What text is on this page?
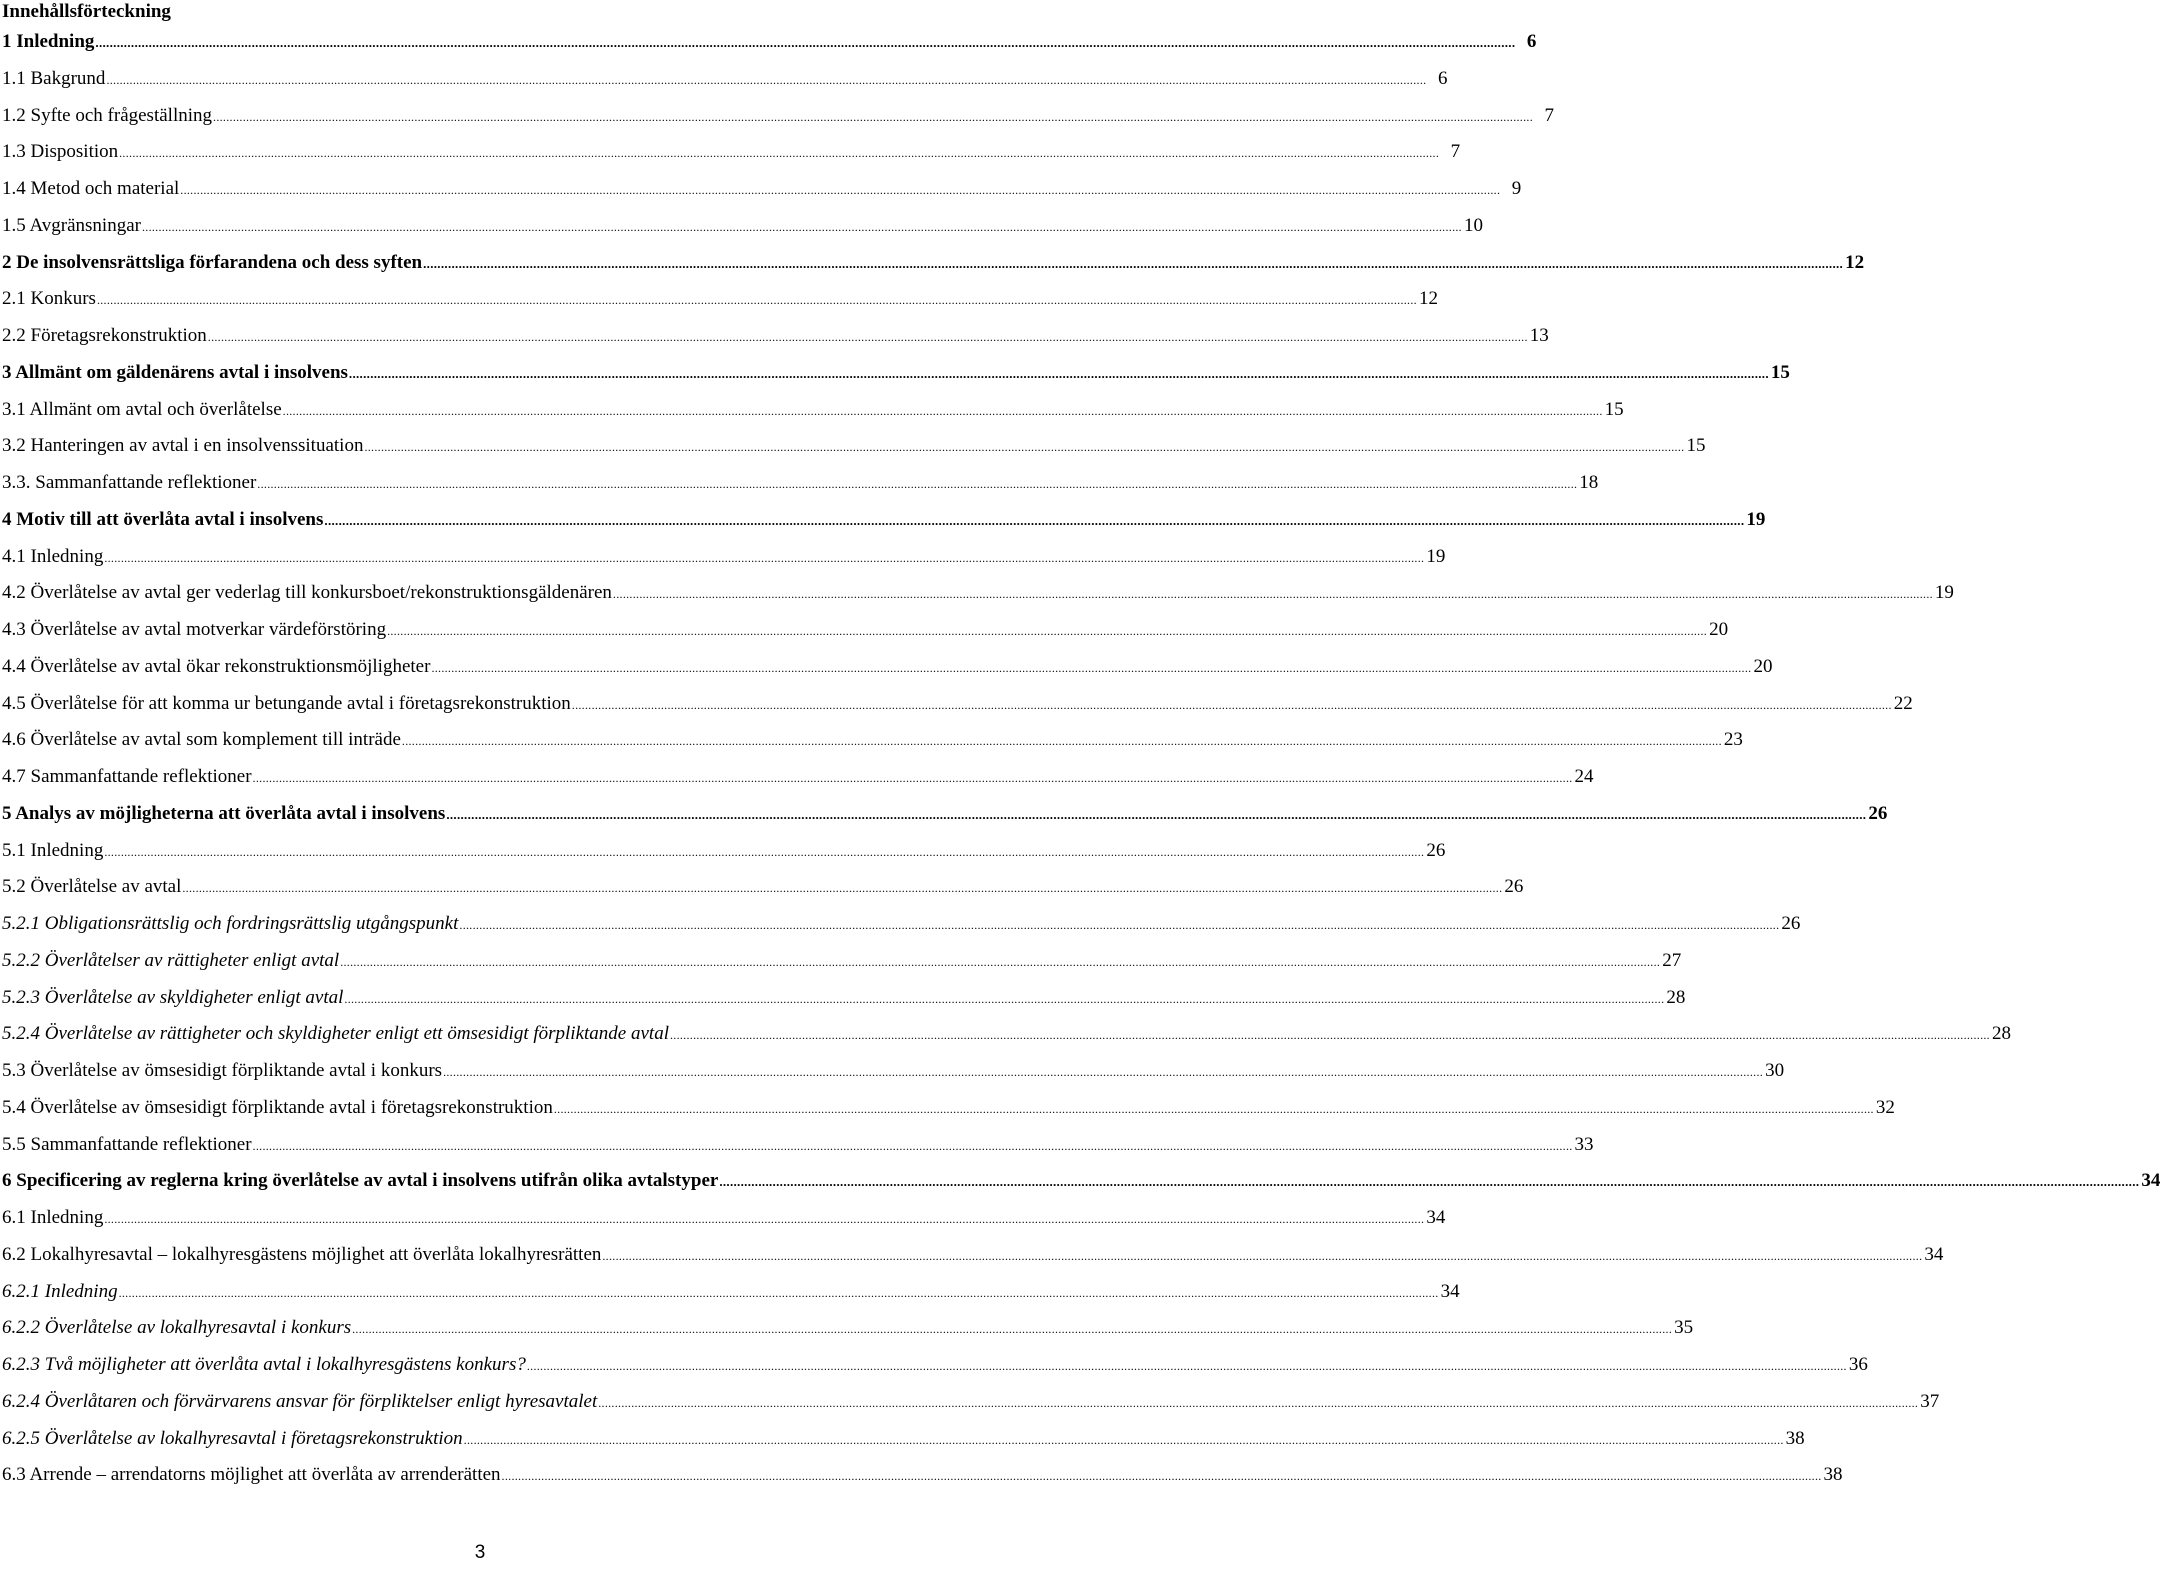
Innehållsförteckning
1 Inledning ................................................................................................................................................................................................................................................................................................................................................................................................................ 6
1.1 Bakgrund ................................................................................................................................................................................................................................................................................................................................................................................................................ 6
1.2 Syfte och frågeställning ................................................................................................................................................................................................................................................................................................................................................................................................................ 7
1.3 Disposition ................................................................................................................................................................................................................................................................................................................................................................................................................ 7
1.4 Metod och material ................................................................................................................................................................................................................................................................................................................................................................................................................ 9
1.5 Avgränsningar ................................................................................................................................................................................................................................................................................................................................................................................................................ 10
2 De insolvensrättsliga förfarandena och dess syften ................................................................................................................................................................................................................................................................................................................................................................................................................ 12
2.1 Konkurs ................................................................................................................................................................................................................................................................................................................................................................................................................ 12
2.2 Företagsrekonstruktion ................................................................................................................................................................................................................................................................................................................................................................................................................ 13
3 Allmänt om gäldenärens avtal i insolvens ................................................................................................................................................................................................................................................................................................................................................................................................................ 15
3.1 Allmänt om avtal och överlåtelse ................................................................................................................................................................................................................................................................................................................................................................................................................ 15
3.2 Hanteringen av avtal i en insolvenssituation ................................................................................................................................................................................................................................................................................................................................................................................................................ 15
3.3. Sammanfattande reflektioner ................................................................................................................................................................................................................................................................................................................................................................................................................ 18
4 Motiv till att överlåta avtal i insolvens ................................................................................................................................................................................................................................................................................................................................................................................................................ 19
4.1 Inledning ................................................................................................................................................................................................................................................................................................................................................................................................................ 19
4.2 Överlåtelse av avtal ger vederlag till konkursboet/rekonstruktionsgäldenären ................................................................................................................................................................................................................................................................................................................................................................................................................ 19
4.3 Överlåtelse av avtal motverkar värdeförstöring ................................................................................................................................................................................................................................................................................................................................................................................................................ 20
4.4 Överlåtelse av avtal ökar rekonstruktionsmöjligheter ................................................................................................................................................................................................................................................................................................................................................................................................................ 20
4.5 Överlåtelse för att komma ur betungande avtal i företagsrekonstruktion ................................................................................................................................................................................................................................................................................................................................................................................................................ 22
4.6 Överlåtelse av avtal som komplement till inträde ................................................................................................................................................................................................................................................................................................................................................................................................................ 23
4.7 Sammanfattande reflektioner ................................................................................................................................................................................................................................................................................................................................................................................................................ 24
5 Analys av möjligheterna att överlåta avtal i insolvens ................................................................................................................................................................................................................................................................................................................................................................................................................ 26
5.1 Inledning ................................................................................................................................................................................................................................................................................................................................................................................................................ 26
5.2 Överlåtelse av avtal ................................................................................................................................................................................................................................................................................................................................................................................................................ 26
5.2.1 Obligationsrättslig och fordringsrättslig utgångspunkt ................................................................................................................................................................................................................................................................................................................................................................................................................ 26
5.2.2 Överlåtelser av rättigheter enligt avtal ................................................................................................................................................................................................................................................................................................................................................................................................................ 27
5.2.3 Överlåtelse av skyldigheter enligt avtal ................................................................................................................................................................................................................................................................................................................................................................................................................ 28
5.2.4 Överlåtelse av rättigheter och skyldigheter enligt ett ömsesidigt förpliktande avtal ................................................................................................................................................................................................................................................................................................................................................................................................................ 28
5.3 Överlåtelse av ömsesidigt förpliktande avtal i konkurs ................................................................................................................................................................................................................................................................................................................................................................................................................ 30
5.4 Överlåtelse av ömsesidigt förpliktande avtal i företagsrekonstruktion ................................................................................................................................................................................................................................................................................................................................................................................................................ 32
5.5 Sammanfattande reflektioner ................................................................................................................................................................................................................................................................................................................................................................................................................ 33
6 Specificering av reglerna kring överlåtelse av avtal i insolvens utifrån olika avtalstyper ................................................................................................................................................................................................................................................................................................................................................................................................................ 34
6.1 Inledning ................................................................................................................................................................................................................................................................................................................................................................................................................ 34
6.2 Lokalhyresavtal – lokalhyresgästens möjlighet att överlåta lokalhyresrätten ................................................................................................................................................................................................................................................................................................................................................................................................................ 34
6.2.1 Inledning ................................................................................................................................................................................................................................................................................................................................................................................................................ 34
6.2.2 Överlåtelse av lokalhyresavtal i konkurs ................................................................................................................................................................................................................................................................................................................................................................................................................ 35
6.2.3 Två möjligheter att överlåta avtal i lokalhyresgästens konkurs? ................................................................................................................................................................................................................................................................................................................................................................................................................ 36
6.2.4 Överlåtaren och förvärvarens ansvar för förpliktelser enligt hyresavtalet ................................................................................................................................................................................................................................................................................................................................................................................................................ 37
6.2.5 Överlåtelse av lokalhyresavtal i företagsrekonstruktion ................................................................................................................................................................................................................................................................................................................................................................................................................ 38
6.3 Arrende – arrendatorns möjlighet att överlåta av arrenderätten ................................................................................................................................................................................................................................................................................................................................................................................................................ 38
3
